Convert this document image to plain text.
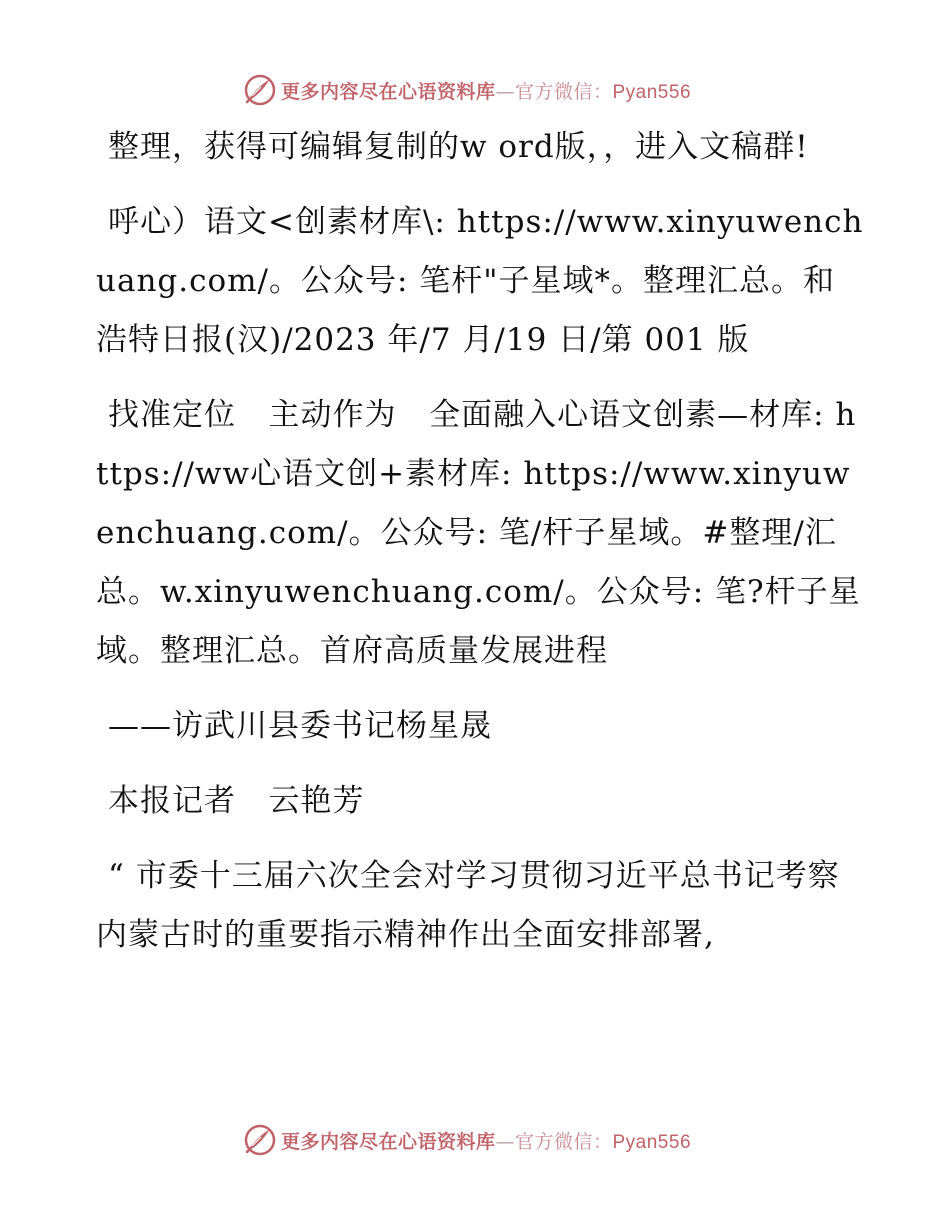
更多内容尽在心语资料库—官方微信：Pyan556

整理，获得可编辑复制的w ord版，，进入文稿群!

呼心）语文<创素材库\: https://www.xinyuwenchuang.com/。公众号: 笔杆"子星域*。整理汇总。和浩特日报(汉)/2023 年/7 月/19 日/第 001 版

找准定位   主动作为   全面融入心语文创素—材库: https://ww心语文创+素材库: https://www.xinyuwenchuang.com/。公众号: 笔/杆子星域。#整理/汇总。w.xinyuwenchuang.com/。公众号: 笔?杆子星域。整理汇总。首府高质量发展进程

——访武川县委书记杨星晟

本报记者   云艳芳

“ 市委十三届六次全会对学习贯彻习近平总书记考察内蒙古时的重要指示精神作出全面安排部署,

更多内容尽在心语资料库—官方微信：Pyan556
